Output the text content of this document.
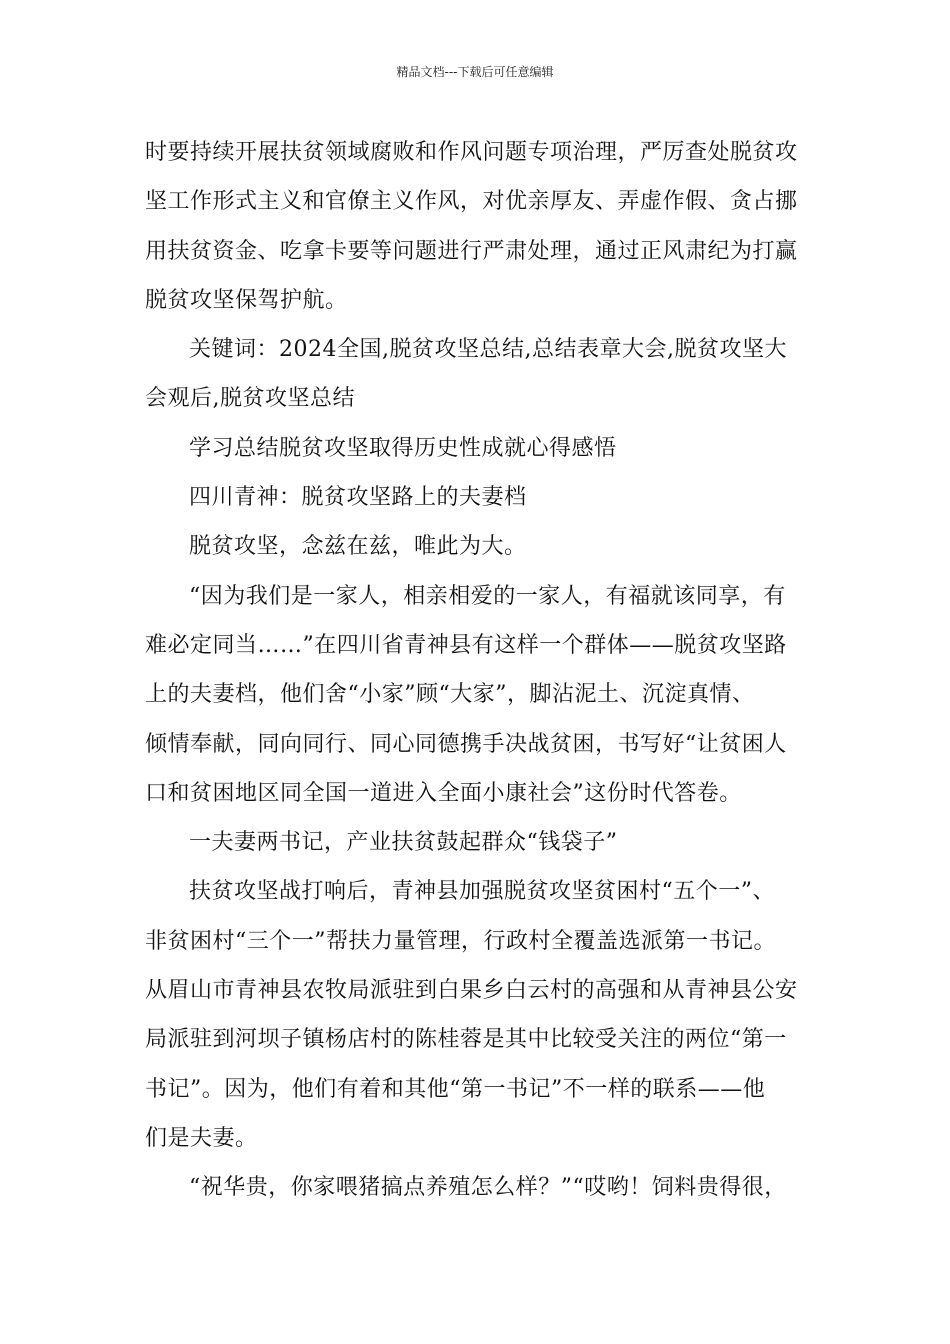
精品文档---下载后可任意编辑
时要持续开展扶贫领域腐败和作风问题专项治理，严厉查处脱贫攻
坚工作形式主义和官僚主义作风，对优亲厚友、弄虚作假、贪占挪
用扶贫资金、吃拿卡要等问题进行严肃处理，通过正风肃纪为打赢
脱贫攻坚保驾护航。
关键词：2024全国,脱贫攻坚总结,总结表章大会,脱贫攻坚大
会观后,脱贫攻坚总结
学习总结脱贫攻坚取得历史性成就心得感悟
四川青神：脱贫攻坚路上的夫妻档
脱贫攻坚，念兹在兹，唯此为大。
“因为我们是一家人，相亲相爱的一家人，有福就该同享，有
难必定同当……”在四川省青神县有这样一个群体——脱贫攻坚路
上的夫妻档，他们舍“小家”顾“大家”，脚沾泥土、沉淀真情、
倾情奉献，同向同行、同心同德携手决战贫困，书写好“让贫困人
口和贫困地区同全国一道进入全面小康社会”这份时代答卷。
一夫妻两书记，产业扶贫鼓起群众“钱袋子”
扶贫攻坚战打响后，青神县加强脱贫攻坚贫困村“五个一”、
非贫困村“三个一”帮扶力量管理，行政村全覆盖选派第一书记。
从眉山市青神县农牧局派驻到白果乡白云村的高强和从青神县公安
局派驻到河坝子镇杨店村的陈桂蓉是其中比较受关注的两位“第一
书记”。因为，他们有着和其他“第一书记”不一样的联系——他
们是夫妻。
“祝华贵，你家喂猪搞点养殖怎么样？”“哎哟！饲料贵得很，
